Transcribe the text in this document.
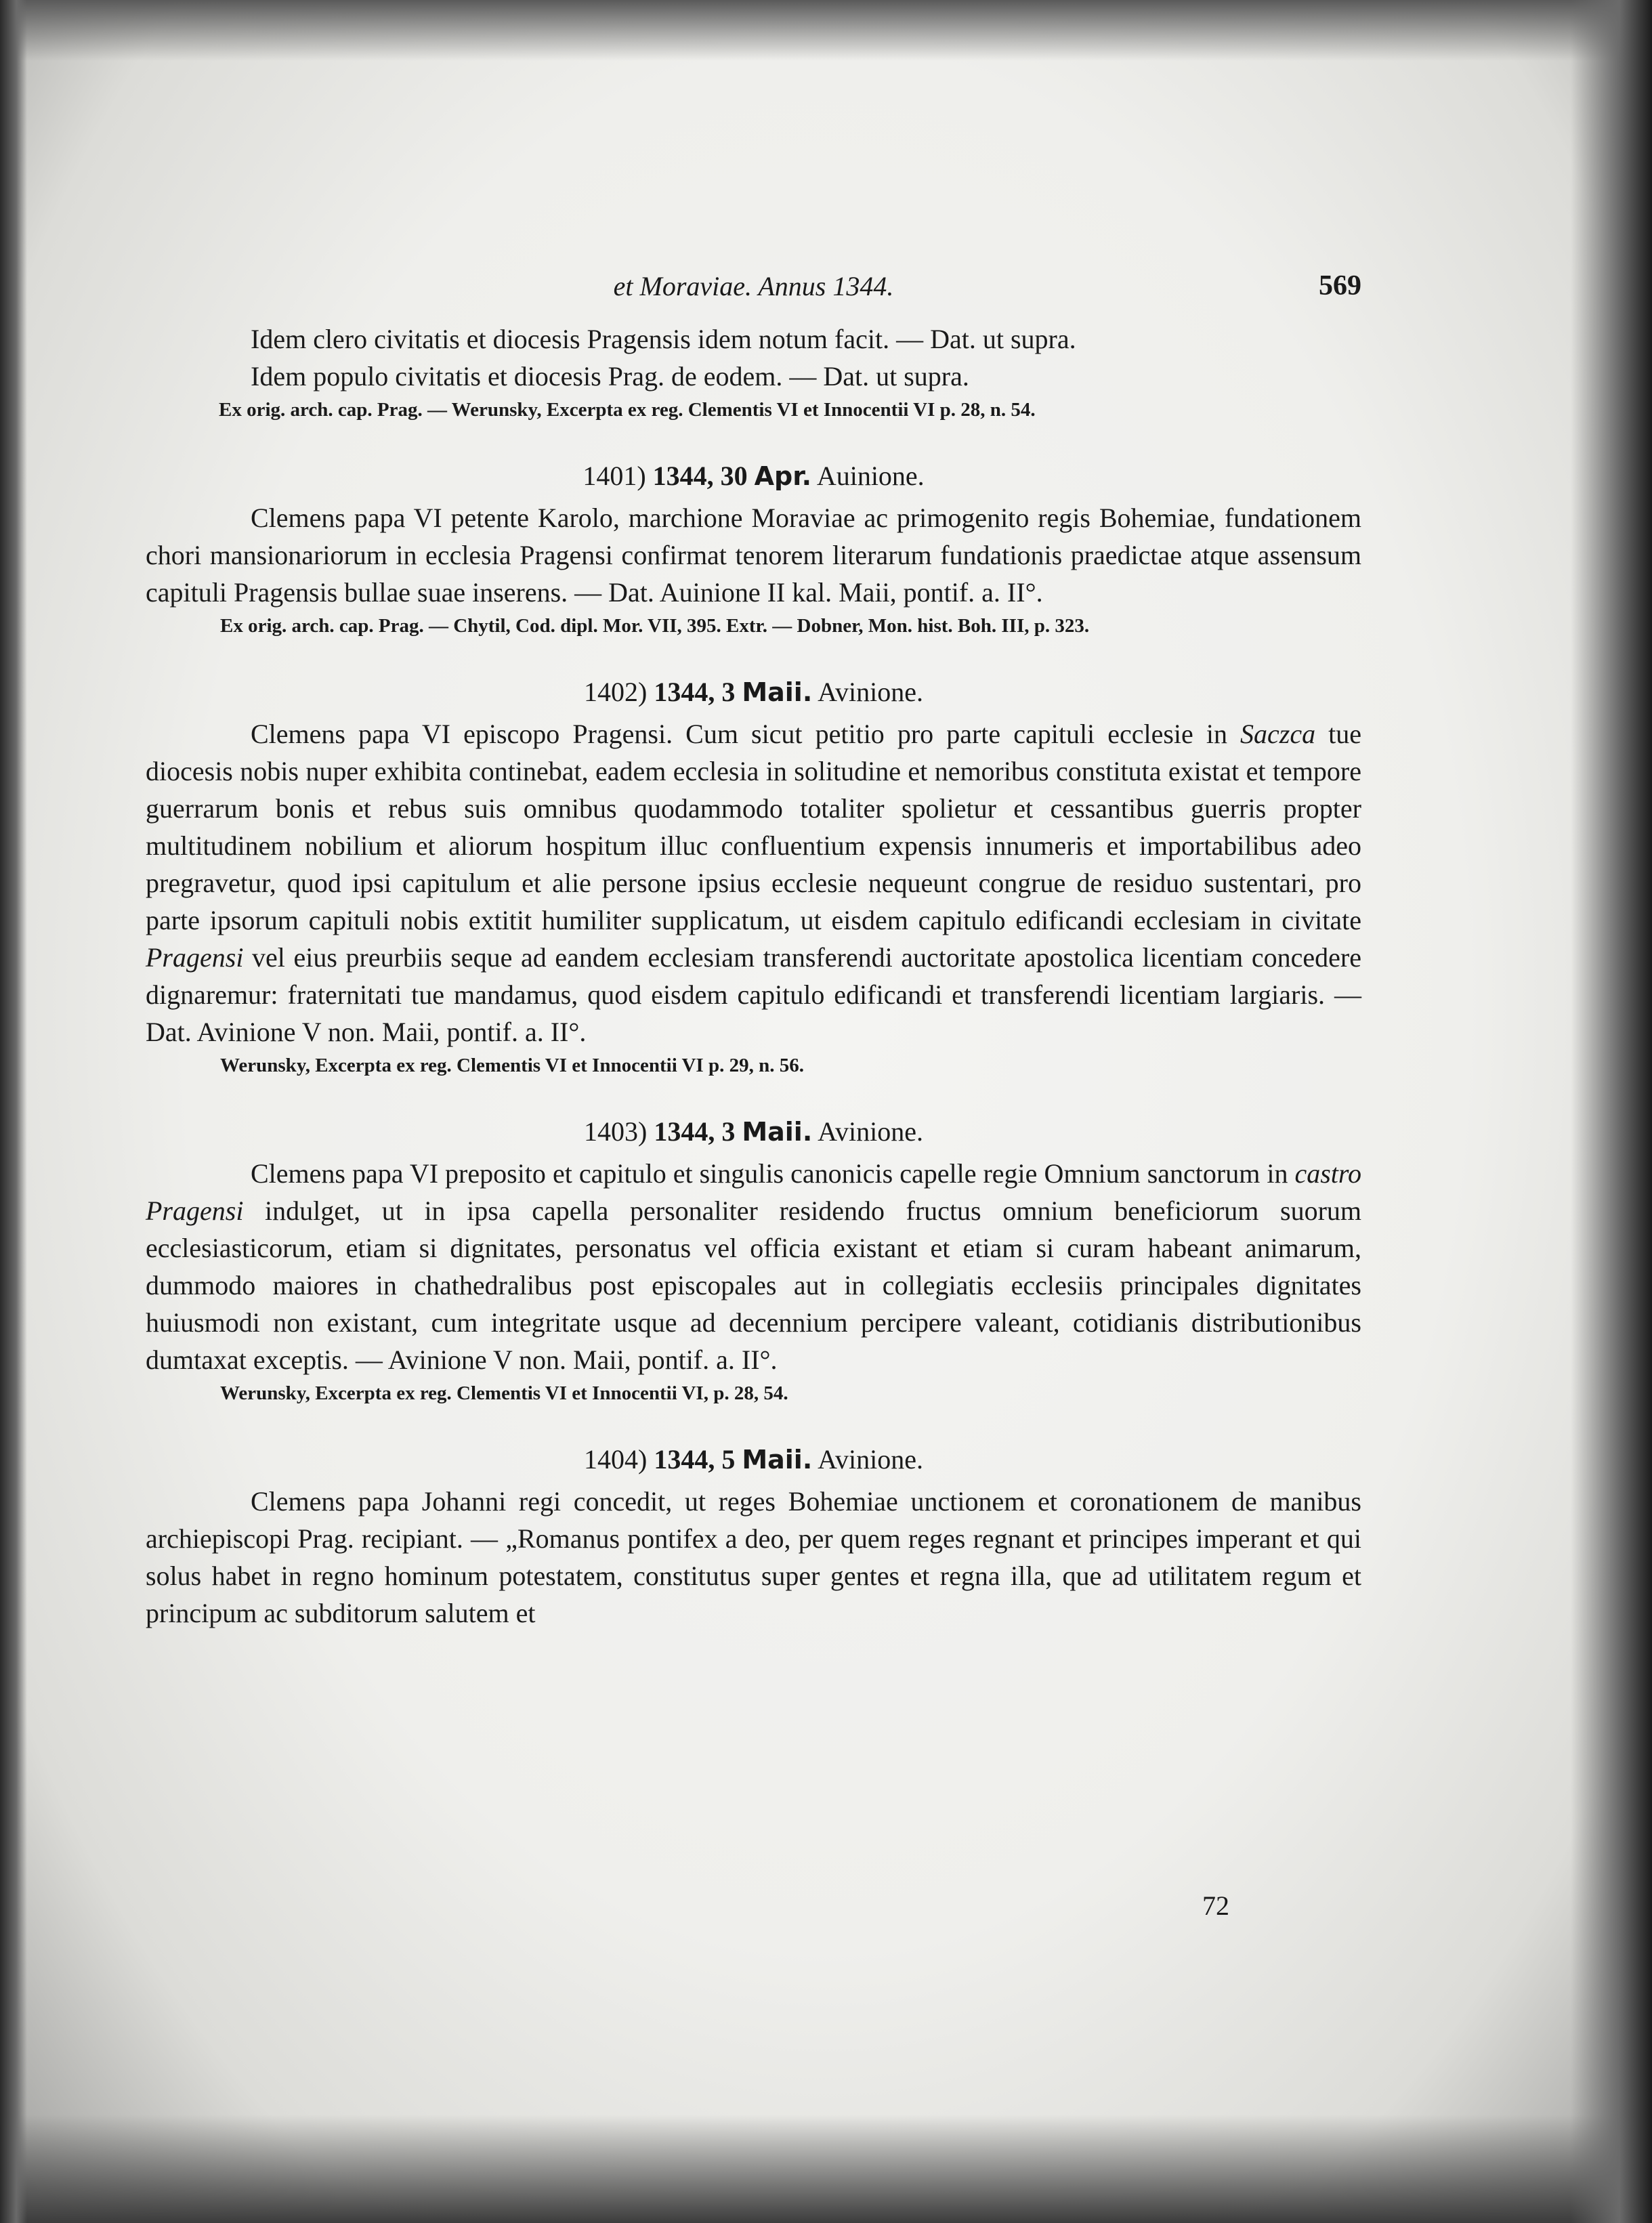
et Moraviae. Annus 1344.	569

Idem clero civitatis et diocesis Pragensis idem notum facit. — Dat. ut supra.

Idem populo civitatis et diocesis Prag. de eodem. — Dat. ut supra.

Ex orig. arch. cap. Prag. — Werunsky, Excerpta ex reg. Clementis VI et Innocentii VI p. 28, n. 54.

1401) 1344, 30 Apr. Auinione.

Clemens papa VI petente Karolo, marchione Moraviae ac primogenito regis Bohemiae, fundationem chori mansionariorum in ecclesia Pragensi confirmat tenorem literarum fundationis praedictae atque assensum capituli Pragensis bullae suae inserens. — Dat. Auinione II kal. Maii, pontif. a. II°.

Ex orig. arch. cap. Prag. — Chytil, Cod. dipl. Mor. VII, 395. Extr. — Dobner, Mon. hist. Boh. III, p. 323.

1402) 1344, 3 Maii. Avinione.

Clemens papa VI episcopo Pragensi. Cum sicut petitio pro parte capituli ecclesie in Saczca tue diocesis nobis nuper exhibita continebat, eadem ecclesia in solitudine et nemoribus constituta existat et tempore guerrarum bonis et rebus suis omnibus quodammodo totaliter spolietur et cessantibus guerris propter multitudinem nobilium et aliorum hospitum illuc confluentium expensis innumeris et importabilibus adeo pregravetur, quod ipsi capitulum et alie persone ipsius ecclesie nequeunt congrue de residuo sustentari, pro parte ipsorum capituli nobis extitit humiliter supplicatum, ut eisdem capitulo edificandi ecclesiam in civitate Pragensi vel eius preurbiis seque ad eandem ecclesiam transferendi auctoritate apostolica licentiam concedere dignaremur: fraternitati tue mandamus, quod eisdem capitulo edificandi et transferendi licentiam largiaris. — Dat. Avinione V non. Maii, pontif. a. II°.

Werunsky, Excerpta ex reg. Clementis VI et Innocentii VI p. 29, n. 56.

1403) 1344, 3 Maii. Avinione.

Clemens papa VI preposito et capitulo et singulis canonicis capelle regie Omnium sanctorum in castro Pragensi indulget, ut in ipsa capella personaliter residendo fructus omnium beneficiorum suorum ecclesiasticorum, etiam si dignitates, personatus vel officia existant et etiam si curam habeant animarum, dummodo maiores in chathedralibus post episcopales aut in collegiatis ecclesiis principales dignitates huiusmodi non existant, cum integritate usque ad decennium percipere valeant, cotidianis distributionibus dumtaxat exceptis. — Avinione V non. Maii, pontif. a. II°.

Werunsky, Excerpta ex reg. Clementis VI et Innocentii VI, p. 28, 54.

1404) 1344, 5 Maii. Avinione.

Clemens papa Johanni regi concedit, ut reges Bohemiae unctionem et coronationem de manibus archiepiscopi Prag. recipiant. — „Romanus pontifex a deo, per quem reges regnant et principes imperant et qui solus habet in regno hominum potestatem, constitutus super gentes et regna illa, que ad utilitatem regum et principum ac subditorum salutem et

72
